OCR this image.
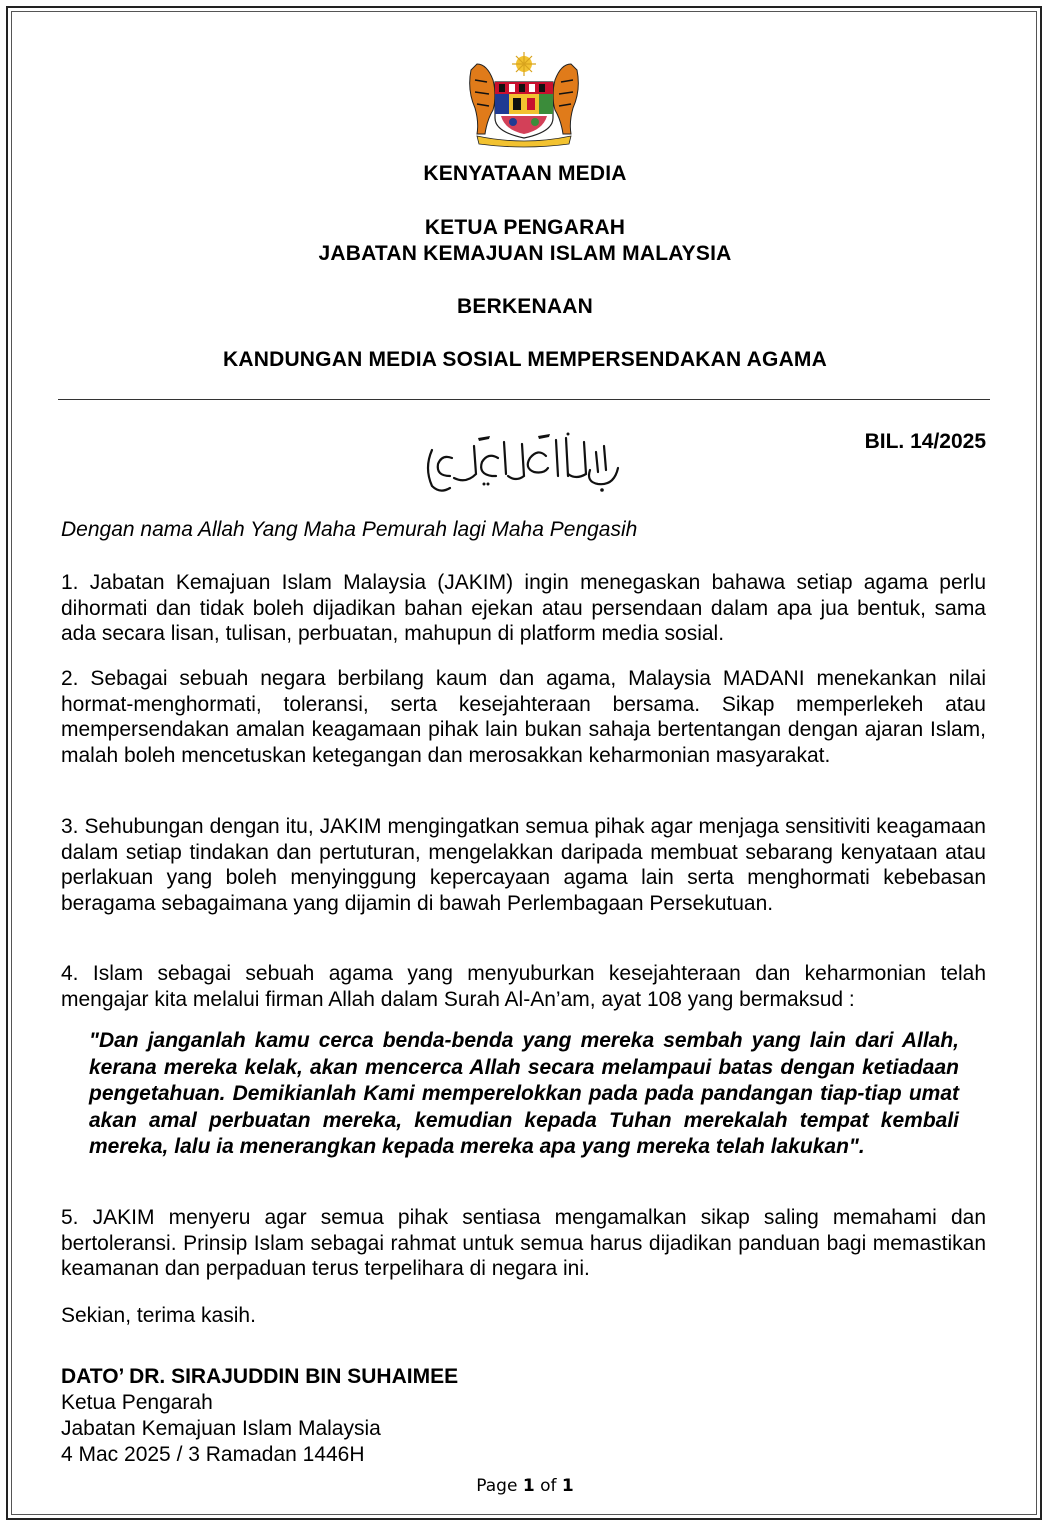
KENYATAAN MEDIA
KETUA PENGARAH
JABATAN KEMAJUAN ISLAM MALAYSIA
BERKENAAN
KANDUNGAN MEDIA SOSIAL MEMPERSENDAKAN AGAMA
BIL. 14/2025
بسم الله الرحمن الرحيم
Dengan nama Allah Yang Maha Pemurah lagi Maha Pengasih
1. Jabatan Kemajuan Islam Malaysia (JAKIM) ingin menegaskan bahawa setiap agama perlu dihormati dan tidak boleh dijadikan bahan ejekan atau persendaan dalam apa jua bentuk, sama ada secara lisan, tulisan, perbuatan, mahupun di platform media sosial.
2. Sebagai sebuah negara berbilang kaum dan agama, Malaysia MADANI menekankan nilai hormat-menghormati, toleransi, serta kesejahteraan bersama. Sikap memperlekeh atau mempersendakan amalan keagamaan pihak lain bukan sahaja bertentangan dengan ajaran Islam, malah boleh mencetuskan ketegangan dan merosakkan keharmonian masyarakat.
3. Sehubungan dengan itu, JAKIM mengingatkan semua pihak agar menjaga sensitiviti keagamaan dalam setiap tindakan dan pertuturan, mengelakkan daripada membuat sebarang kenyataan atau perlakuan yang boleh menyinggung kepercayaan agama lain serta menghormati kebebasan beragama sebagaimana yang dijamin di bawah Perlembagaan Persekutuan.
4. Islam sebagai sebuah agama yang menyuburkan kesejahteraan dan keharmonian telah mengajar kita melalui firman Allah dalam Surah Al-An’am, ayat 108 yang bermaksud :
"Dan janganlah kamu cerca benda-benda yang mereka sembah yang lain dari Allah, kerana mereka kelak, akan mencerca Allah secara melampaui batas dengan ketiadaan pengetahuan. Demikianlah Kami memperelokkan pada pada pandangan tiap-tiap umat akan amal perbuatan mereka, kemudian kepada Tuhan merekalah tempat kembali mereka, lalu ia menerangkan kepada mereka apa yang mereka telah lakukan".
5. JAKIM menyeru agar semua pihak sentiasa mengamalkan sikap saling memahami dan bertoleransi. Prinsip Islam sebagai rahmat untuk semua harus dijadikan panduan bagi memastikan keamanan dan perpaduan terus terpelihara di negara ini.
Sekian, terima kasih.
DATO’ DR. SIRAJUDDIN BIN SUHAIMEE
Ketua Pengarah
Jabatan Kemajuan Islam Malaysia
4 Mac 2025 / 3 Ramadan 1446H
Page 1 of 1
